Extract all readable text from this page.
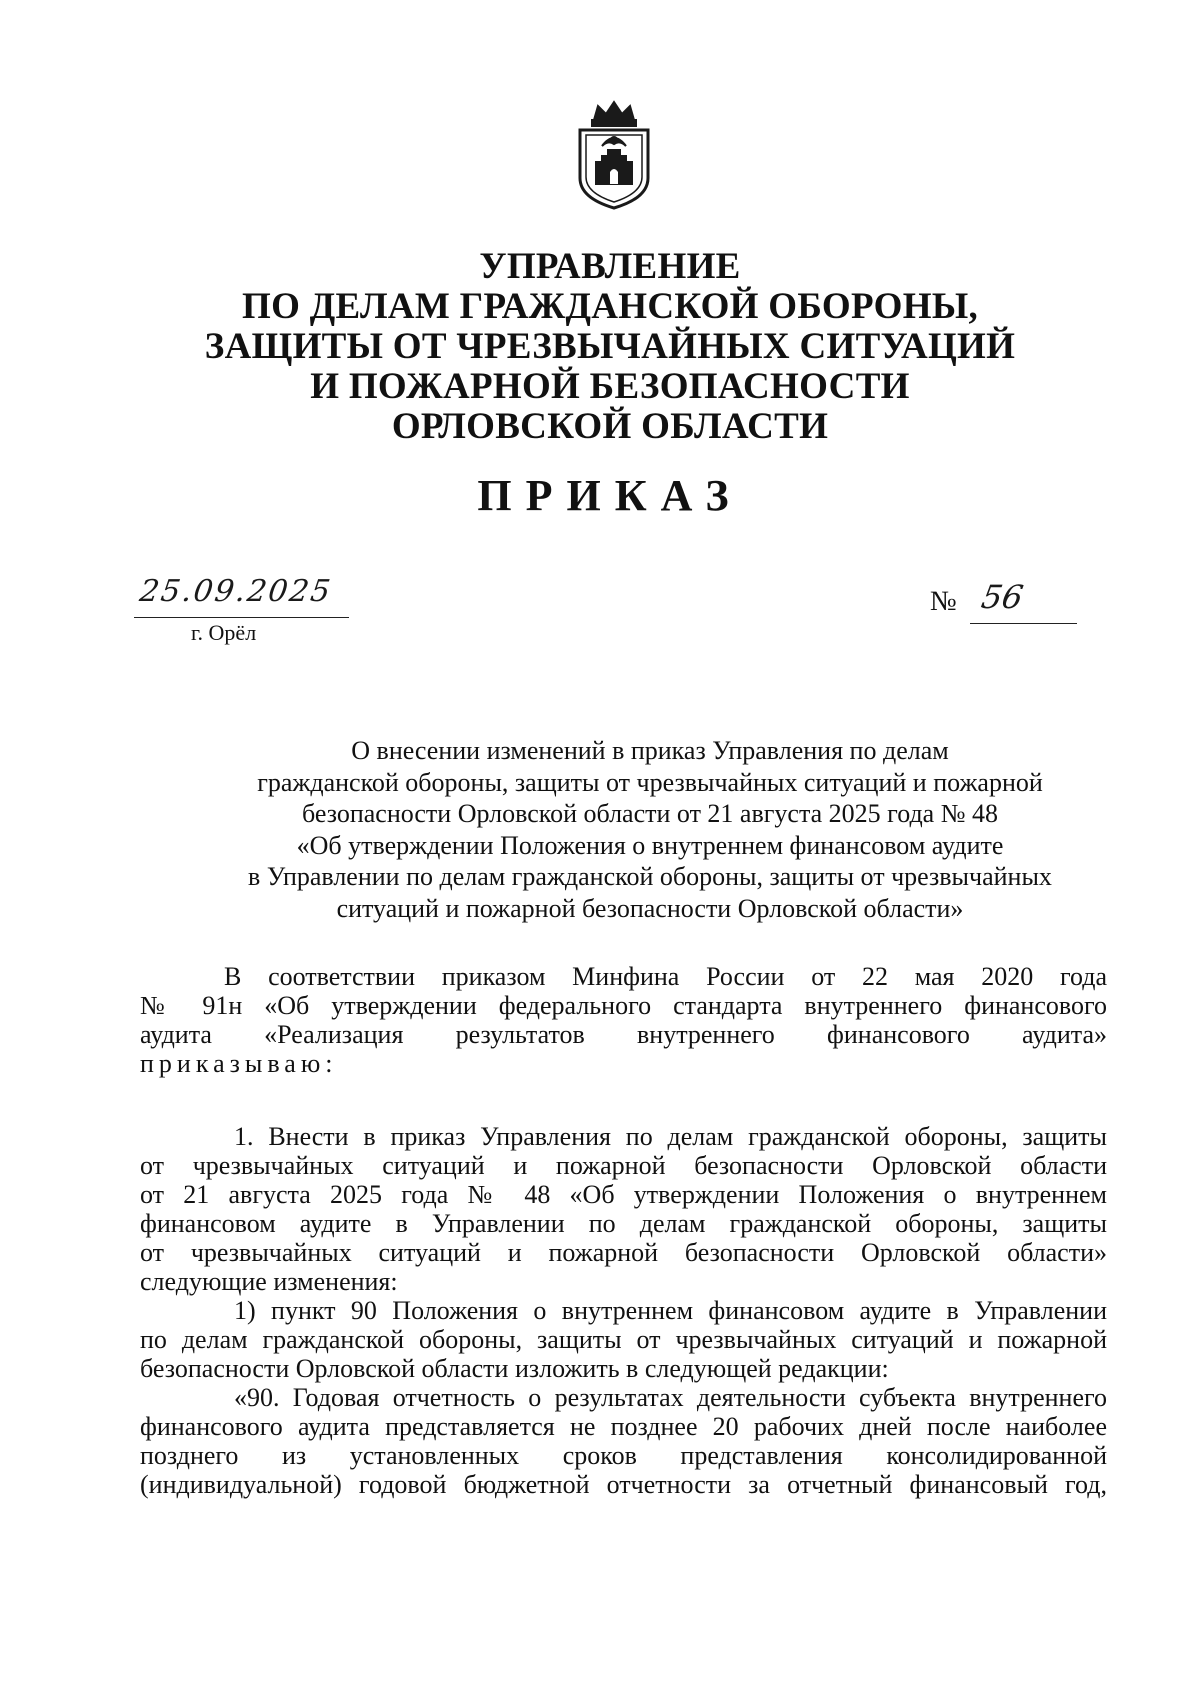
УПРАВЛЕНИЕ
ПО ДЕЛАМ ГРАЖДАНСКОЙ ОБОРОНЫ,
ЗАЩИТЫ ОТ ЧРЕЗВЫЧАЙНЫХ СИТУАЦИЙ
И ПОЖАРНОЙ БЕЗОПАСНОСТИ
ОРЛОВСКОЙ ОБЛАСТИ
ПРИКАЗ
25.09.2025
г. Орёл
№ 56
О внесении изменений в приказ Управления по делам
гражданской обороны, защиты от чрезвычайных ситуаций и пожарной
безопасности Орловской области от 21 августа 2025 года № 48
«Об утверждении Положения о внутреннем финансовом аудите
в Управлении по делам гражданской обороны, защиты от чрезвычайных
ситуаций и пожарной безопасности Орловской области»
В соответствии приказом Минфина России от 22 мая 2020 года
№ 91н «Об утверждении федерального стандарта внутреннего финансового
аудита «Реализация результатов внутреннего финансового аудита»
приказываю:
1. Внести в приказ Управления по делам гражданской обороны, защиты
от чрезвычайных ситуаций и пожарной безопасности Орловской области
от 21 августа 2025 года № 48 «Об утверждении Положения о внутреннем
финансовом аудите в Управлении по делам гражданской обороны, защиты
от чрезвычайных ситуаций и пожарной безопасности Орловской области»
следующие изменения:
1) пункт 90 Положения о внутреннем финансовом аудите в Управлении
по делам гражданской обороны, защиты от чрезвычайных ситуаций и пожарной
безопасности Орловской области изложить в следующей редакции:
«90. Годовая отчетность о результатах деятельности субъекта внутреннего
финансового аудита представляется не позднее 20 рабочих дней после наиболее
позднего из установленных сроков представления консолидированной
(индивидуальной) годовой бюджетной отчетности за отчетный финансовый год,
